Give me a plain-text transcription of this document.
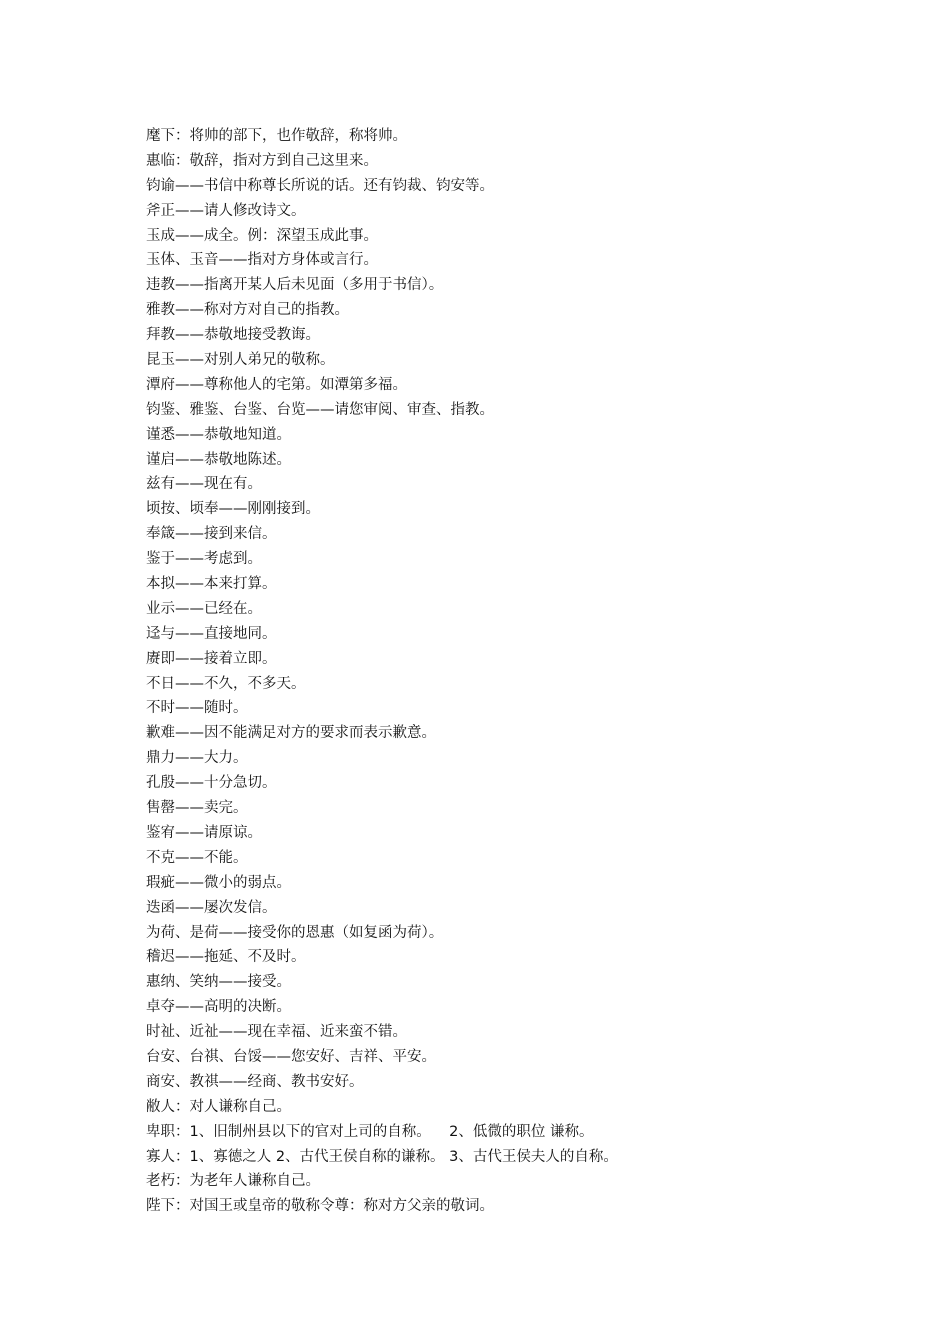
麾下：将帅的部下，也作敬辞，称将帅。
惠临：敬辞，指对方到自己这里来。
钧谕——书信中称尊长所说的话。还有钧裁、钧安等。
斧正——请人修改诗文。
玉成——成全。例：深望玉成此事。
玉体、玉音——指对方身体或言行。
违教——指离开某人后未见面（多用于书信）。
雅教——称对方对自己的指教。
拜教——恭敬地接受教诲。
昆玉——对别人弟兄的敬称。
潭府——尊称他人的宅第。如潭第多福。
钧鉴、雅鉴、台鉴、台览——请您审阅、审查、指教。
谨悉——恭敬地知道。
谨启——恭敬地陈述。
兹有——现在有。
顷按、顷奉——刚刚接到。
奉箴——接到来信。
鉴于——考虑到。
本拟——本来打算。
业示——已经在。
迳与——直接地同。
赓即——接着立即。
不日——不久，不多天。
不时——随时。
歉难——因不能满足对方的要求而表示歉意。
鼎力——大力。
孔殷——十分急切。
售罄——卖完。
鉴宥——请原谅。
不克——不能。
瑕疵——微小的弱点。
迭函——屡次发信。
为荷、是荷——接受你的恩惠（如复函为荷）。
稽迟——拖延、不及时。
惠纳、笑纳——接受。
卓夺——高明的决断。
时祉、近祉——现在幸福、近来蛮不错。
台安、台祺、台馁——您安好、吉祥、平安。
商安、教祺——经商、教书安好。
敝人：对人谦称自己。
卑职：1、旧制州县以下的官对上司的自称。    2、低微的职位 谦称。
寡人：1、寡德之人 2、古代王侯自称的谦称。 3、古代王侯夫人的自称。
老朽：为老年人谦称自己。
陛下：对国王或皇帝的敬称令尊：称对方父亲的敬词。
